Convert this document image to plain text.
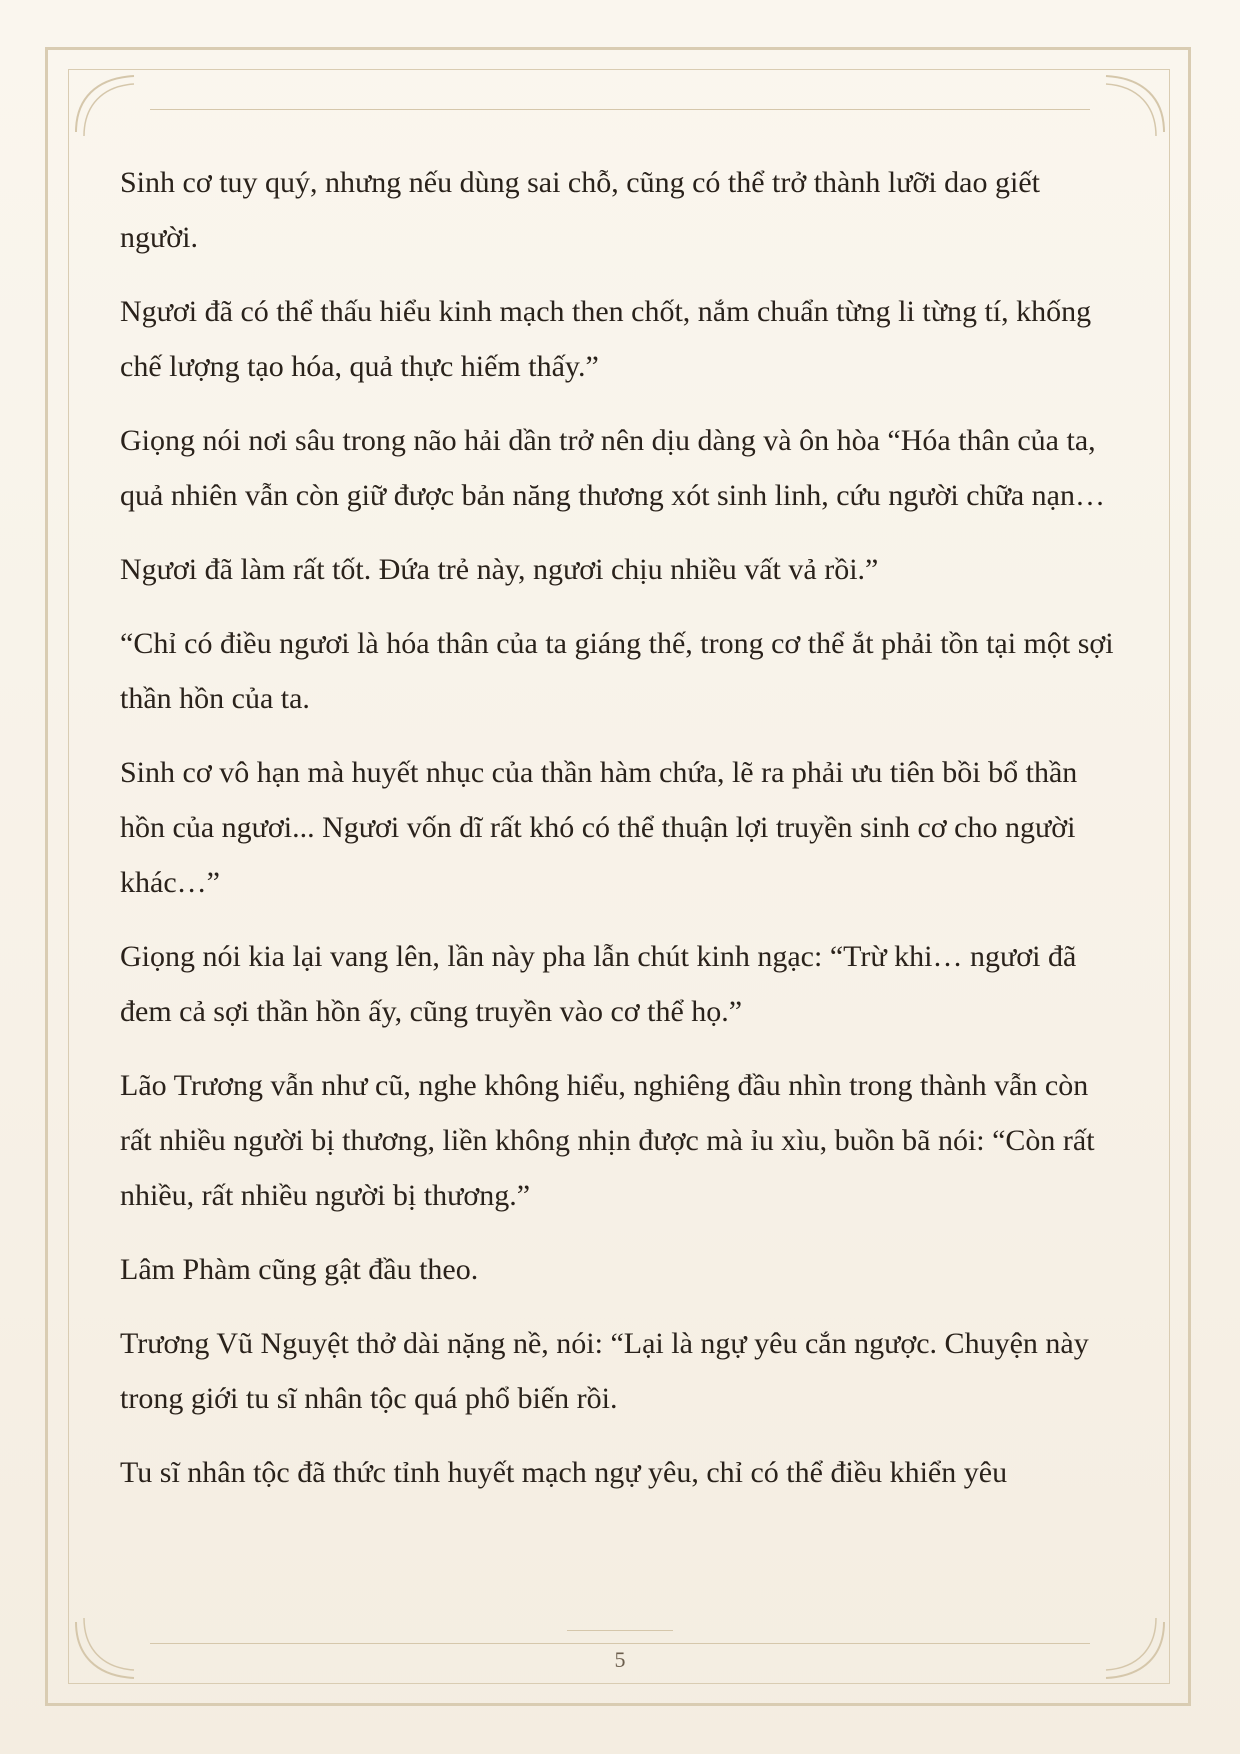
Sinh cơ tuy quý, nhưng nếu dùng sai chỗ, cũng có thể trở thành lưỡi dao giết người.

Ngươi đã có thể thấu hiểu kinh mạch then chốt, nắm chuẩn từng li từng tí, khống chế lượng tạo hóa, quả thực hiếm thấy.”

Giọng nói nơi sâu trong não hải dần trở nên dịu dàng và ôn hòa “Hóa thân của ta, quả nhiên vẫn còn giữ được bản năng thương xót sinh linh, cứu người chữa nạn…

Ngươi đã làm rất tốt. Đứa trẻ này, ngươi chịu nhiều vất vả rồi.”

“Chỉ có điều ngươi là hóa thân của ta giáng thế, trong cơ thể ắt phải tồn tại một sợi thần hồn của ta.

Sinh cơ vô hạn mà huyết nhục của thần hàm chứa, lẽ ra phải ưu tiên bồi bổ thần hồn của ngươi... Ngươi vốn dĩ rất khó có thể thuận lợi truyền sinh cơ cho người khác…”

Giọng nói kia lại vang lên, lần này pha lẫn chút kinh ngạc: “Trừ khi… ngươi đã đem cả sợi thần hồn ấy, cũng truyền vào cơ thể họ.”

Lão Trương vẫn như cũ, nghe không hiểu, nghiêng đầu nhìn trong thành vẫn còn rất nhiều người bị thương, liền không nhịn được mà ỉu xìu, buồn bã nói: “Còn rất nhiều, rất nhiều người bị thương.”

Lâm Phàm cũng gật đầu theo.

Trương Vũ Nguyệt thở dài nặng nề, nói: “Lại là ngự yêu cắn ngược. Chuyện này trong giới tu sĩ nhân tộc quá phổ biến rồi.

Tu sĩ nhân tộc đã thức tỉnh huyết mạch ngự yêu, chỉ có thể điều khiển yêu

5
